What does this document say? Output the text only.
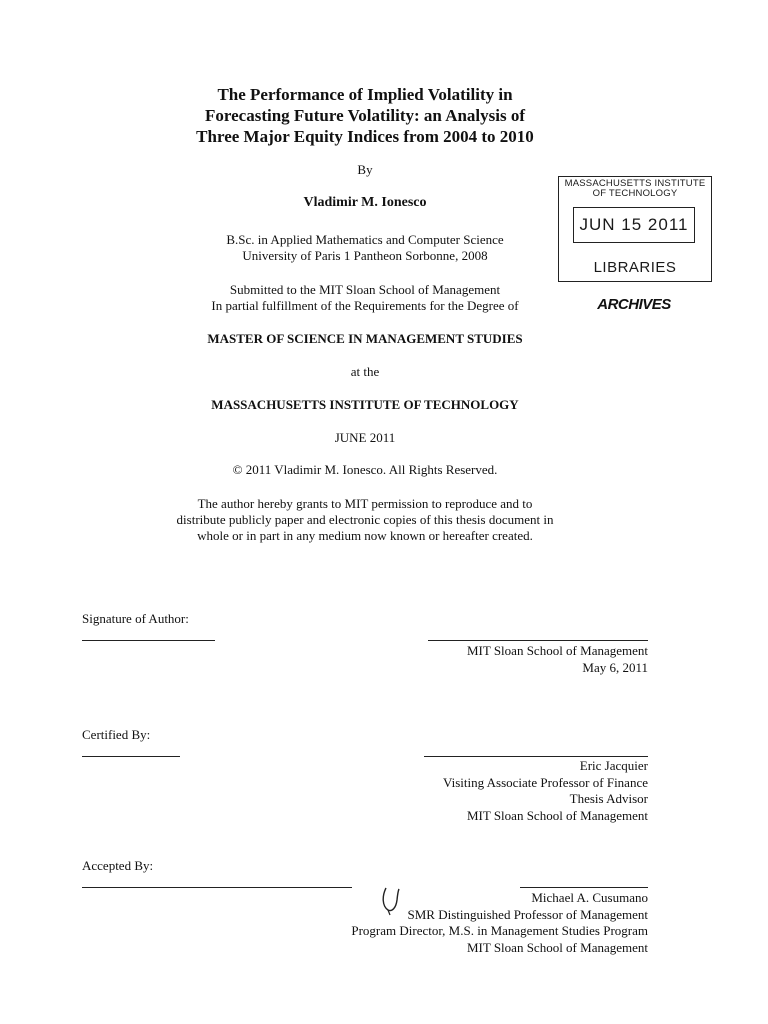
The Performance of Implied Volatility in
Forecasting Future Volatility: an Analysis of
Three Major Equity Indices from 2004 to 2010
By
Vladimir M. Ionesco
B.Sc. in Applied Mathematics and Computer Science
University of Paris 1 Pantheon Sorbonne, 2008
Submitted to the MIT Sloan School of Management
In partial fulfillment of the Requirements for the Degree of
MASTER OF SCIENCE IN MANAGEMENT STUDIES
at the
MASSACHUSETTS INSTITUTE OF TECHNOLOGY
JUNE 2011
© 2011 Vladimir M. Ionesco. All Rights Reserved.
The author hereby grants to MIT permission to reproduce and to
distribute publicly paper and electronic copies of this thesis document in
whole or in part in any medium now known or hereafter created.
MASSACHUSETTS INSTITUTE
OF TECHNOLOGY
JUN 15 2011
LIBRARIES
ARCHIVES
Signature of Author:
MIT Sloan School of Management
May 6, 2011
Certified By:
Eric Jacquier
Visiting Associate Professor of Finance
Thesis Advisor
MIT Sloan School of Management
Accepted By:
Michael A. Cusumano
SMR Distinguished Professor of Management
Program Director, M.S. in Management Studies Program
MIT Sloan School of Management
